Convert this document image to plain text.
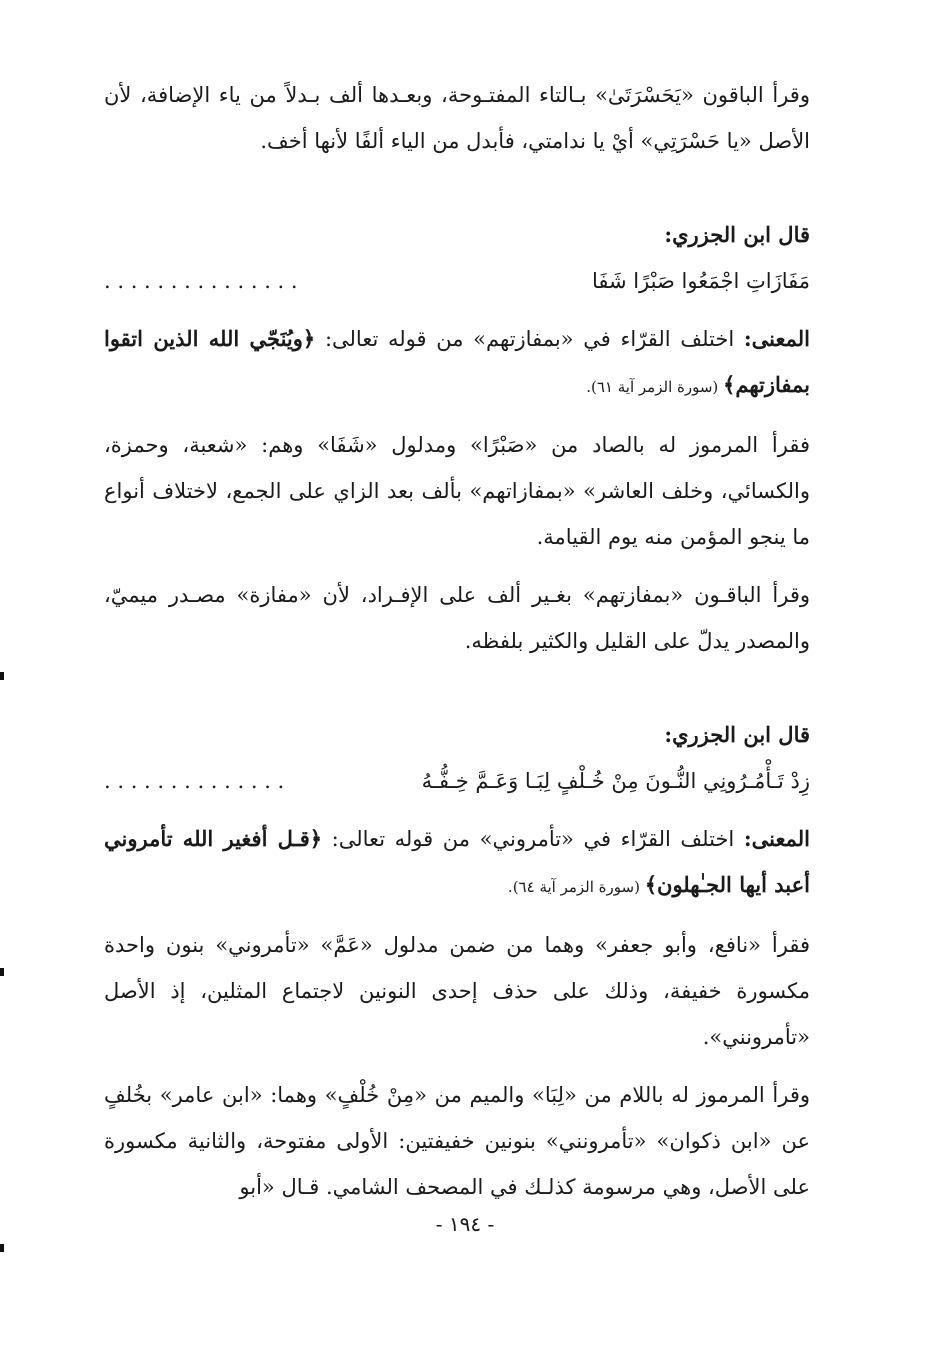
وقرأ الباقون «يَحَسْرَتَىٰ» بـالتاء المفتـوحة، وبعـدها ألف بـدلاً من ياء الإضافة، لأن الأصل «يا حَسْرَتِي» أيْ يا ندامتي، فأبدل من الياء ألفًا لأنها أخف.

قال ابن الجزري:

مَفَازَاتِ اجْمَعُوا صَبْرًا شَفَا
. . . . . . . . . . . . . . .

المعنى: اختلف القرّاء في «بمفازتهم» من قوله تعالى: ﴿ويُنَجّي الله الذين اتقوا بمفازتهم﴾ (سورة الزمر آية ٦١).

فقرأ المرموز له بالصاد من «صَبْرًا» ومدلول «شَفَا» وهم: «شعبة، وحمزة، والكسائي، وخلف العاشر» «بمفازاتهم» بألف بعد الزاي على الجمع، لاختلاف أنواع ما ينجو المؤمن منه يوم القيامة.

وقرأ الباقـون «بمفازتهم» بغـير ألف على الإفـراد، لأن «مفازة» مصـدر ميميّ، والمصدر يدلّ على القليل والكثير بلفظه.

قال ابن الجزري:

زِدْ تَـأْمُـرُونِي النُّـونَ مِنْ خُـلْفٍ لِبَـا وَعَـمَّ خِـفُّـهُ
. . . . . . . . . . . . . .

المعنى: اختلف القرّاء في «تأمروني» من قوله تعالى: ﴿قـل أفغير الله تأمروني أعبد أيها الجـٰهلون﴾ (سورة الزمر آية ٦٤).

فقرأ «نافع، وأبو جعفر» وهما من ضمن مدلول «عَمَّ» «تأمروني» بنون واحدة مكسورة خفيفة، وذلك على حذف إحدى النونين لاجتماع المثلين، إذ الأصل «تأمرونني».

وقرأ المرموز له باللام من «لِبَا» والميم من «مِنْ خُلْفٍ» وهما: «ابن عامر» بخُلفٍ عن «ابن ذكوان» «تأمرونني» بنونين خفيفتين: الأولى مفتوحة، والثانية مكسورة على الأصل، وهي مرسومة كذلـك في المصحف الشامي. قـال «أبو

- ١٩٤ -
